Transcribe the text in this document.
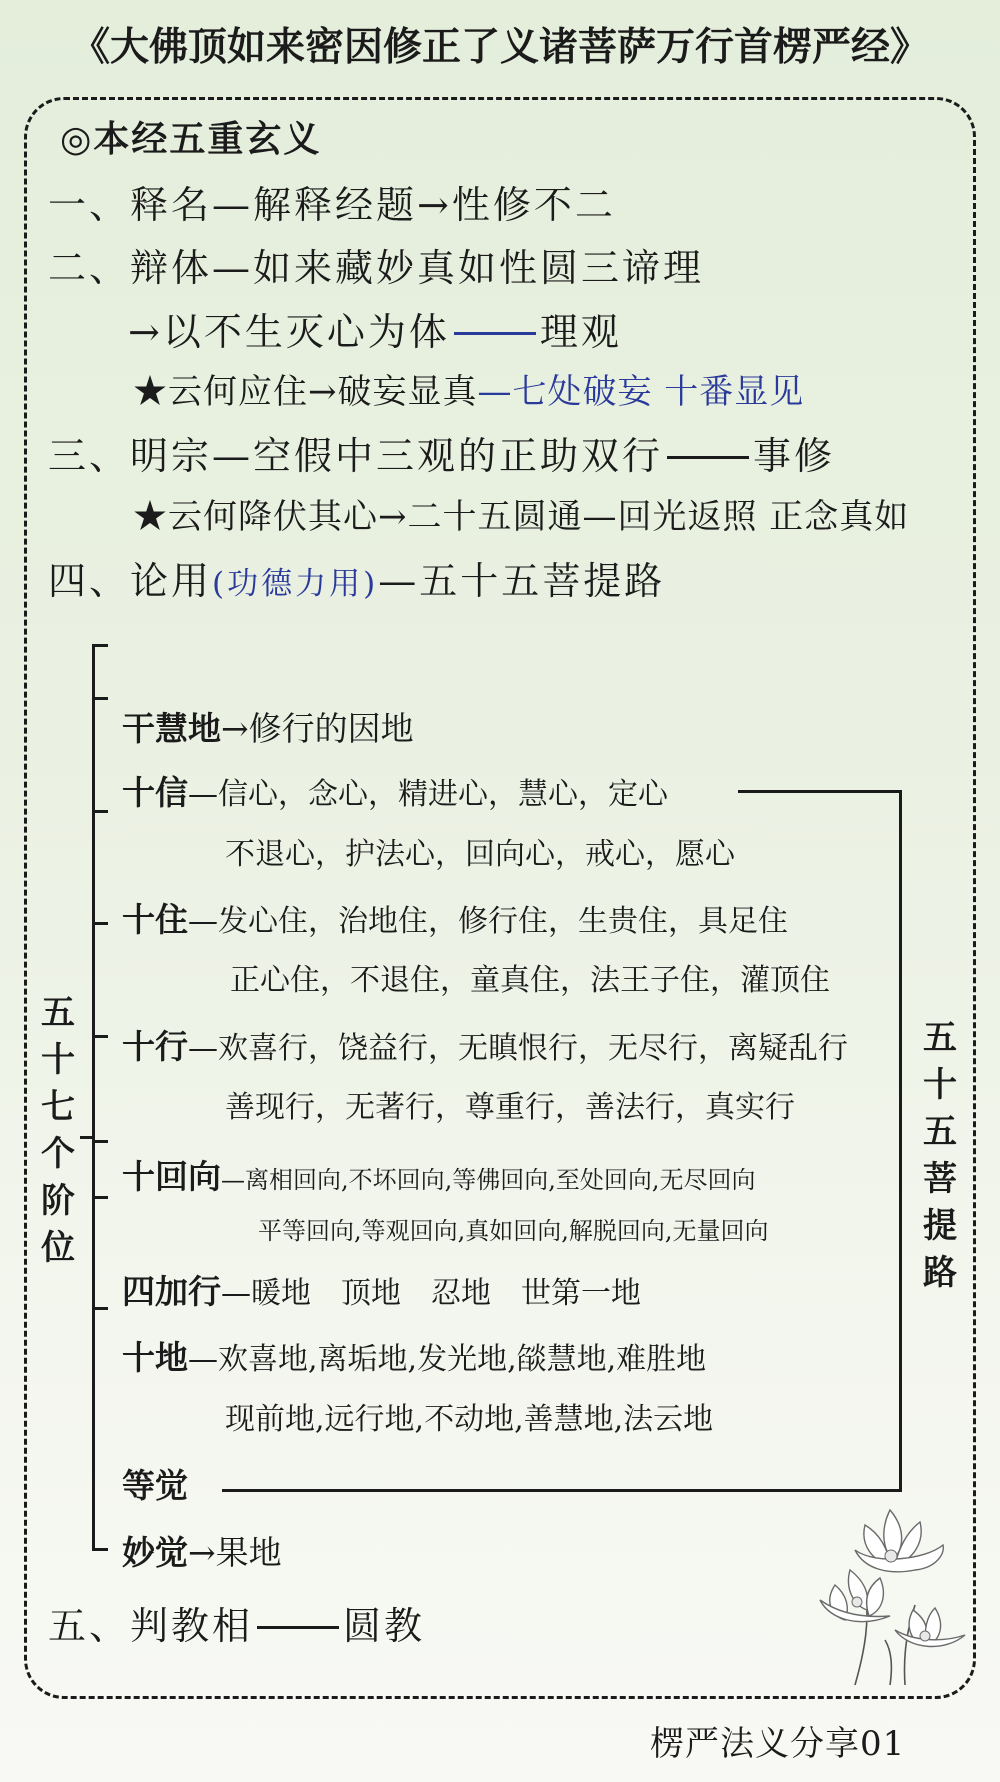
《大佛顶如来密因修正了义诸菩萨万行首楞严经》
◎本经五重玄义
一、释名—解释经题→性修不二
二、辩体—如来藏妙真如性圆三谛理
→以不生灭心为体 理观
★云何应住→破妄显真—七处破妄 十番显见
三、明宗—空假中三观的正助双行 事修
★云何降伏其心→二十五圆通—回光返照 正念真如
四、论用(功德力用)—五十五菩提路
五
十
七
个
阶
位
五
十
五
菩
提
路
干慧地→修行的因地
十信—信心，念心，精进心，慧心，定心
不退心，护法心，回向心，戒心，愿心
十住—发心住，治地住，修行住，生贵住，具足住
正心住，不退住，童真住，法王子住，灌顶住
十行—欢喜行，饶益行，无瞋恨行，无尽行，离疑乱行
善现行，无著行，尊重行，善法行，真实行
十回向—离相回向,不坏回向,等佛回向,至处回向,无尽回向
平等回向,等观回向,真如回向,解脱回向,无量回向
四加行—暖地　顶地　忍地　世第一地
十地—欢喜地,离垢地,发光地,燄慧地,难胜地
现前地,远行地,不动地,善慧地,法云地
等觉
妙觉→果地
五、判教相 圆教
楞严法义分享01
